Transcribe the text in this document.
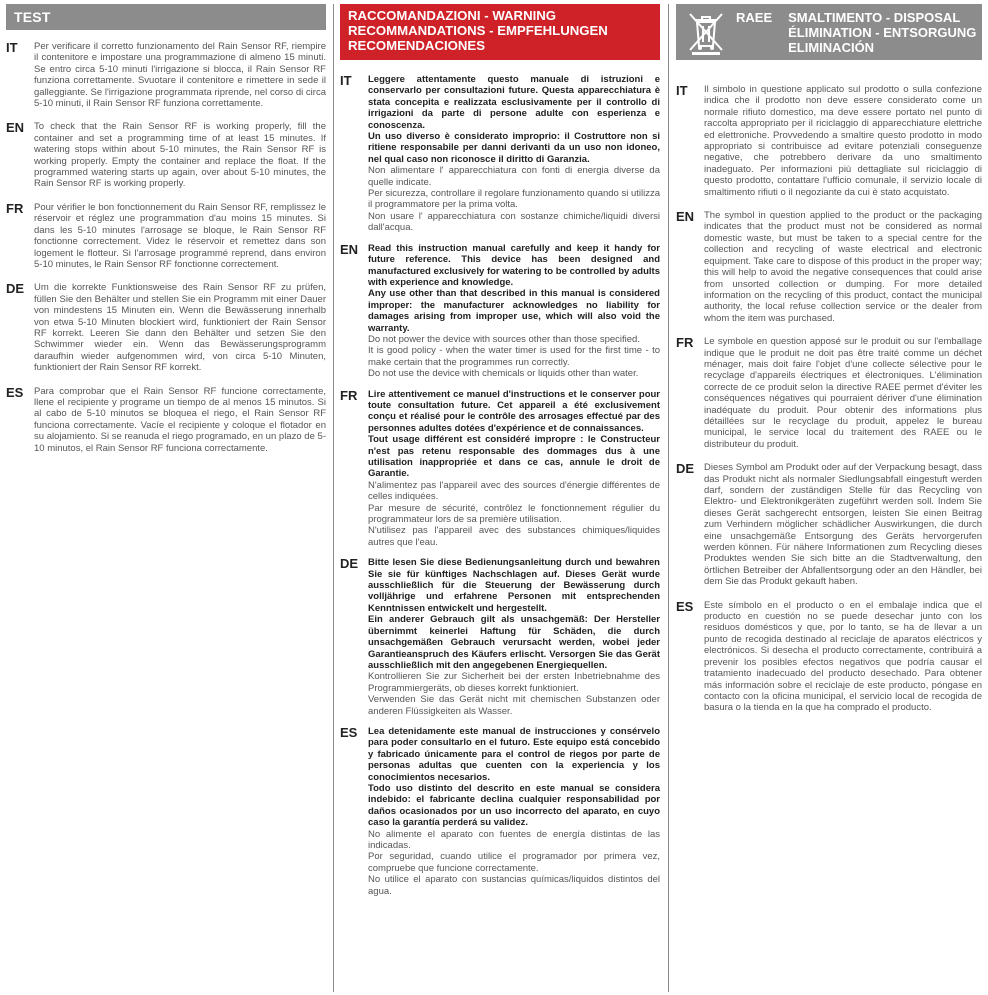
TEST
IT	Per verificare il corretto funzionamento del Rain Sensor RF, riempire il contenitore e impostare una programmazione di almeno 15 minuti. Se entro circa 5-10 minuti l'irrigazione si blocca, il Rain Sensor RF funziona correttamente. Svuotare il contenitore e rimettere in sede il galleggiante. Se l'irrigazione programmata riprende, nel corso di circa 5-10 minuti, il Rain Sensor RF funziona correttamente.
EN	To check that the Rain Sensor RF is working properly, fill the container and set a programming time of at least 15 minutes. If watering stops within about 5-10 minutes, the Rain Sensor RF is working properly. Empty the container and replace the float. If the programmed watering starts up again, over about 5-10 minutes, the Rain Sensor RF is working properly.
FR	Pour vérifier le bon fonctionnement du Rain Sensor RF, remplissez le réservoir et réglez une programmation d'au moins 15 minutes. Si dans les 5-10 minutes l'arrosage se bloque, le Rain Sensor RF fonctionne correctement. Videz le réservoir et remettez dans son logement le flotteur. Si l'arrosage programmé reprend, dans environ 5-10 minutes, le Rain Sensor RF fonctionne correctement.
DE	Um die korrekte Funktionsweise des Rain Sensor RF zu prüfen, füllen Sie den Behälter und stellen Sie ein Programm mit einer Dauer von mindestens 15 Minuten ein. Wenn die Bewässerung innerhalb von etwa 5-10 Minuten blockiert wird, funktioniert der Rain Sensor RF korrekt. Leeren Sie dann den Behälter und setzen Sie den Schwimmer wieder ein. Wenn das Bewässerungsprogramm daraufhin wieder aufgenommen wird, von circa 5-10 Minuten, funktioniert der Rain Sensor RF korrekt.
ES	Para comprobar que el Rain Sensor RF funcione correctamente, llene el recipiente y programe un tiempo de al menos 15 minutos. Si al cabo de 5-10 minutos se bloquea el riego, el Rain Sensor RF funciona correctamente. Vacíe el recipiente y coloque el flotador en su alojamiento. Si se reanuda el riego programado, en un plazo de 5-10 minutos, el Rain Sensor RF funciona correctamente.
RACCOMANDAZIONI - WARNING
RECOMMANDATIONS - EMPFEHLUNGEN
RECOMENDACIONES
IT	Leggere attentamente questo manuale di istruzioni e conservarlo per consultazioni future. Questa apparecchiatura è stata concepita e realizzata esclusivamente per il controllo di irrigazioni da parte di persone adulte con esperienza e conoscenza.
Un uso diverso è considerato improprio: il Costruttore non si ritiene responsabile per danni derivanti da un uso non idoneo, nel qual caso non riconosce il diritto di Garanzia.
Non alimentare l' apparecchiatura con fonti di energia diverse da quelle indicate.
Per sicurezza, controllare il regolare funzionamento quando si utilizza il programmatore per la prima volta.
Non usare l' apparecchiatura con sostanze chimiche/liquidi diversi dall'acqua.
EN	Read this instruction manual carefully and keep it handy for future reference. This device has been designed and manufactured exclusively for watering to be controlled by adults with experience and knowledge.
Any use other than that described in this manual is considered improper: the manufacturer acknowledges no liability for damages arising from improper use, which will also void the warranty.
Do not power the device with sources other than those specified.
It is good policy - when the water timer is used for the first time - to make certain that the programmes run correctly.
Do not use the device with chemicals or liquids other than water.
FR	Lire attentivement ce manuel d'instructions et le conserver pour toute consultation future. Cet appareil a été exclusivement conçu et réalisé pour le contrôle des arrosages effectué par des personnes adultes dotées d'expérience et de connaissances.
Tout usage différent est considéré impropre : le Constructeur n'est pas retenu responsable des dommages dus à une utilisation inappropriée et dans ce cas, annule le droit de Garantie.
N'alimentez pas l'appareil avec des sources d'énergie différentes de celles indiquées.
Par mesure de sécurité, contrôlez le fonctionnement régulier du programmateur lors de sa première utilisation.
N'utilisez pas l'appareil avec des substances chimiques/liquides autres que l'eau.
DE	Bitte lesen Sie diese Bedienungsanleitung durch und bewahren Sie sie für künftiges Nachschlagen auf. Dieses Gerät wurde ausschließlich für die Steuerung der Bewässerung durch volljährige und erfahrene Personen mit entsprechenden Kenntnissen entwickelt und hergestellt.
Ein anderer Gebrauch gilt als unsachgemäß: Der Hersteller übernimmt keinerlei Haftung für Schäden, die durch unsachgemäßen Gebrauch verursacht werden, wobei jeder Garantieanspruch des Käufers erlischt. Versorgen Sie das Gerät ausschließlich mit den angegebenen Energiequellen.
Kontrollieren Sie zur Sicherheit bei der ersten Inbetriebnahme des Programmiergeräts, ob dieses korrekt funktioniert.
Verwenden Sie das Gerät nicht mit chemischen Substanzen oder anderen Flüssigkeiten als Wasser.
ES	Lea detenidamente este manual de instrucciones y consérvelo para poder consultarlo en el futuro. Este equipo está concebido y fabricado únicamente para el control de riegos por parte de personas adultas que cuenten con la experiencia y los conocimientos necesarios.
Todo uso distinto del descrito en este manual se considera indebido: el fabricante declina cualquier responsabilidad por daños ocasionados por un uso incorrecto del aparato, en cuyo caso la garantía perderá su validez.
No alimente el aparato con fuentes de energía distintas de las indicadas.
Por seguridad, cuando utilice el programador por primera vez, compruebe que funcione correctamente.
No utilice el aparato con sustancias químicas/liquidos distintos del agua.
RAEE SMALTIMENTO - DISPOSAL
ÉLIMINATION - ENTSORGUNG
ELIMINACIÓN
IT	Il simbolo in questione applicato sul prodotto o sulla confezione indica che il prodotto non deve essere considerato come un normale rifiuto domestico, ma deve essere portato nel punto di raccolta appropriato per il riciclaggio di apparecchiature elettriche ed elettroniche. Provvedendo a smaltire questo prodotto in modo appropriato si contribuisce ad evitare potenziali conseguenze negative, che potrebbero derivare da uno smaltimento inadeguato. Per informazioni più dettagliate sul riciclaggio di questo prodotto, contattare l'ufficio comunale, il servizio locale di smaltimento rifiuti o il negoziante da cui è stato acquistato.
EN	The symbol in question applied to the product or the packaging indicates that the product must not be considered as normal domestic waste, but must be taken to a special centre for the collection and recycling of waste electrical and electronic equipment. Take care to dispose of this product in the proper way; this will help to avoid the negative consequences that could arise from unsorted collection or dumping. For more detailed information on the recycling of this product, contact the municipal authority, the local refuse collection service or the dealer from whom the item was purchased.
FR	Le symbole en question apposé sur le produit ou sur l'emballage indique que le produit ne doit pas être traité comme un déchet ménager, mais doit faire l'objet d'une collecte sélective pour le recyclage d'appareils électriques et électroniques. L'élimination correcte de ce produit selon la directive RAEE permet d'éviter les conséquences négatives qui pourraient dériver d'une élimination inadéquate du produit. Pour obtenir des informations plus détaillées sur le recyclage du produit, appelez le bureau municipal, le service local du traitement des RAEE ou le distributeur du produit.
DE	Dieses Symbol am Produkt oder auf der Verpackung besagt, dass das Produkt nicht als normaler Siedlungsabfall eingestuft werden darf, sondern der zuständigen Stelle für das Recycling von Elektro- und Elektronikgeräten zugeführt werden soll. Indem Sie dieses Gerät sachgerecht entsorgen, leisten Sie einen Beitrag zum Verhindern möglicher schädlicher Auswirkungen, die durch eine unsachgemäße Entsorgung des Geräts hervorgerufen werden können. Für nähere Informationen zum Recycling dieses Produktes wenden Sie sich bitte an die Stadtverwaltung, den örtlichen Betreiber der Abfallentsorgung oder an den Händler, bei dem Sie das Produkt gekauft haben.
ES	Este símbolo en el producto o en el embalaje indica que el producto en cuestión no se puede desechar junto con los residuos domésticos y que, por lo tanto, se ha de llevar a un punto de recogida destinado al reciclaje de aparatos eléctricos y electrónicos. Si desecha el producto correctamente, contribuirá a prevenir los posibles efectos negativos que podría causar el tratamiento inadecuado del producto desechado. Para obtener más información sobre el reciclaje de este producto, póngase en contacto con la oficina municipal, el servicio local de recogida de basura o la tienda en la que ha comprado el producto.
